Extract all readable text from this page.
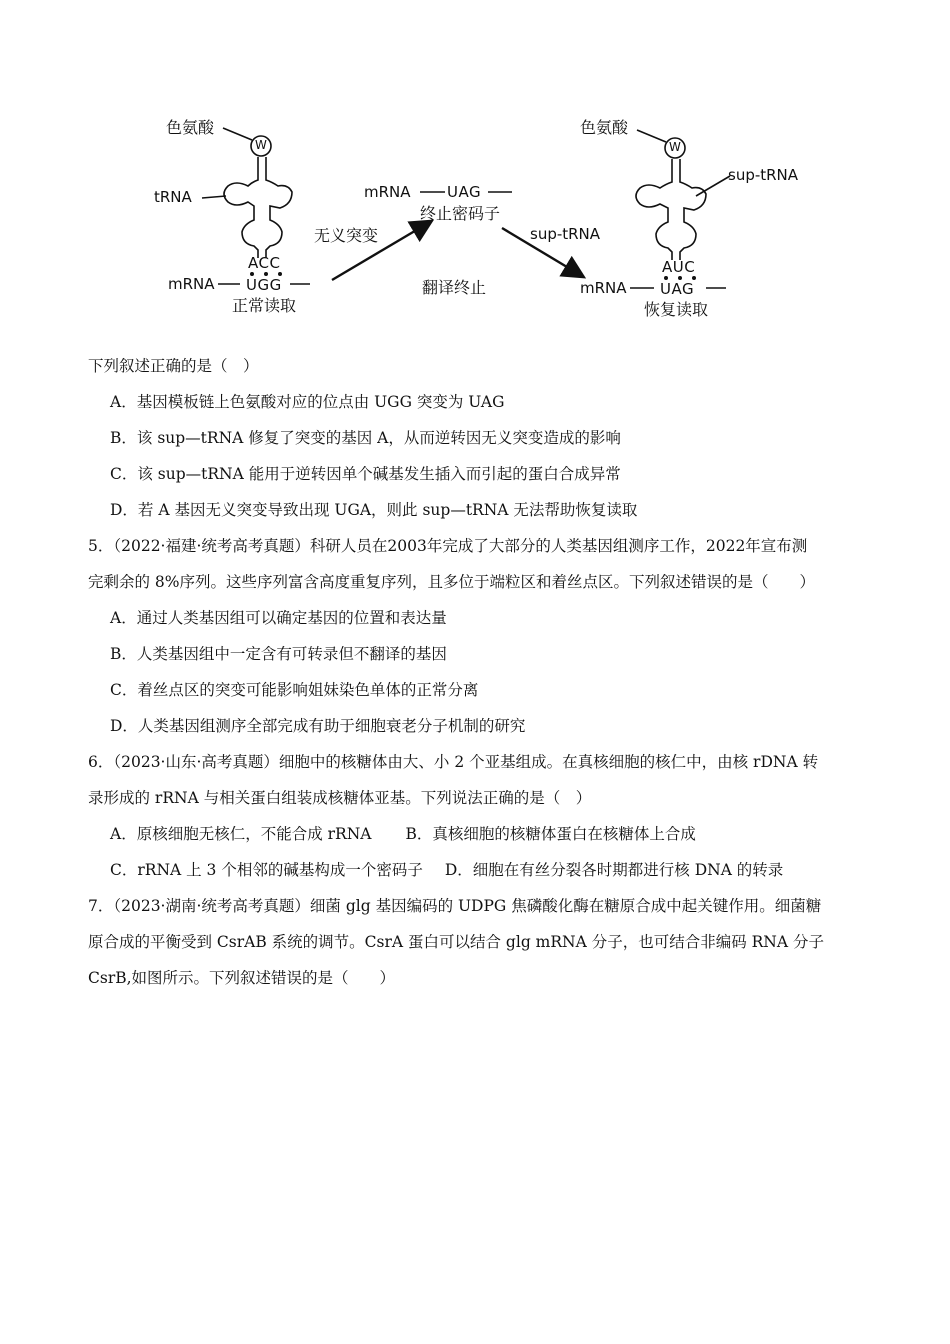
色氨酸
W
tRNA
ACC
mRNA UGG
正常读取
无义突变
mRNA UAG
终止密码子
翻译终止
sup-tRNA
色氨酸
W
sup-tRNA
AUC
mRNA UAG
恢复读取
下列叙述正确的是（　）
A．基因模板链上色氨酸对应的位点由 UGG 突变为 UAG
B．该 sup—tRNA 修复了突变的基因 A，从而逆转因无义突变造成的影响
C．该 sup—tRNA 能用于逆转因单个碱基发生插入而引起的蛋白合成异常
D．若 A 基因无义突变导致出现 UGA，则此 sup—tRNA 无法帮助恢复读取
5．（2022·福建·统考高考真题）科研人员在2003年完成了大部分的人类基因组测序工作，2022年宣布测
完剩余的 8%序列。这些序列富含高度重复序列，且多位于端粒区和着丝点区。下列叙述错误的是（　　）
A．通过人类基因组可以确定基因的位置和表达量
B．人类基因组中一定含有可转录但不翻译的基因
C．着丝点区的突变可能影响姐妹染色单体的正常分离
D．人类基因组测序全部完成有助于细胞衰老分子机制的研究
6．（2023·山东·高考真题）细胞中的核糖体由大、小 2 个亚基组成。在真核细胞的核仁中，由核 rDNA 转
录形成的 rRNA 与相关蛋白组装成核糖体亚基。下列说法正确的是（　）
A．原核细胞无核仁，不能合成 rRNA B．真核细胞的核糖体蛋白在核糖体上合成
C．rRNA 上 3 个相邻的碱基构成一个密码子 D．细胞在有丝分裂各时期都进行核 DNA 的转录
7．（2023·湖南·统考高考真题）细菌 glg 基因编码的 UDPG 焦磷酸化酶在糖原合成中起关键作用。细菌糖
原合成的平衡受到 CsrAB 系统的调节。CsrA 蛋白可以结合 glg mRNA 分子，也可结合非编码 RNA 分子
CsrB,如图所示。下列叙述错误的是（　　）
